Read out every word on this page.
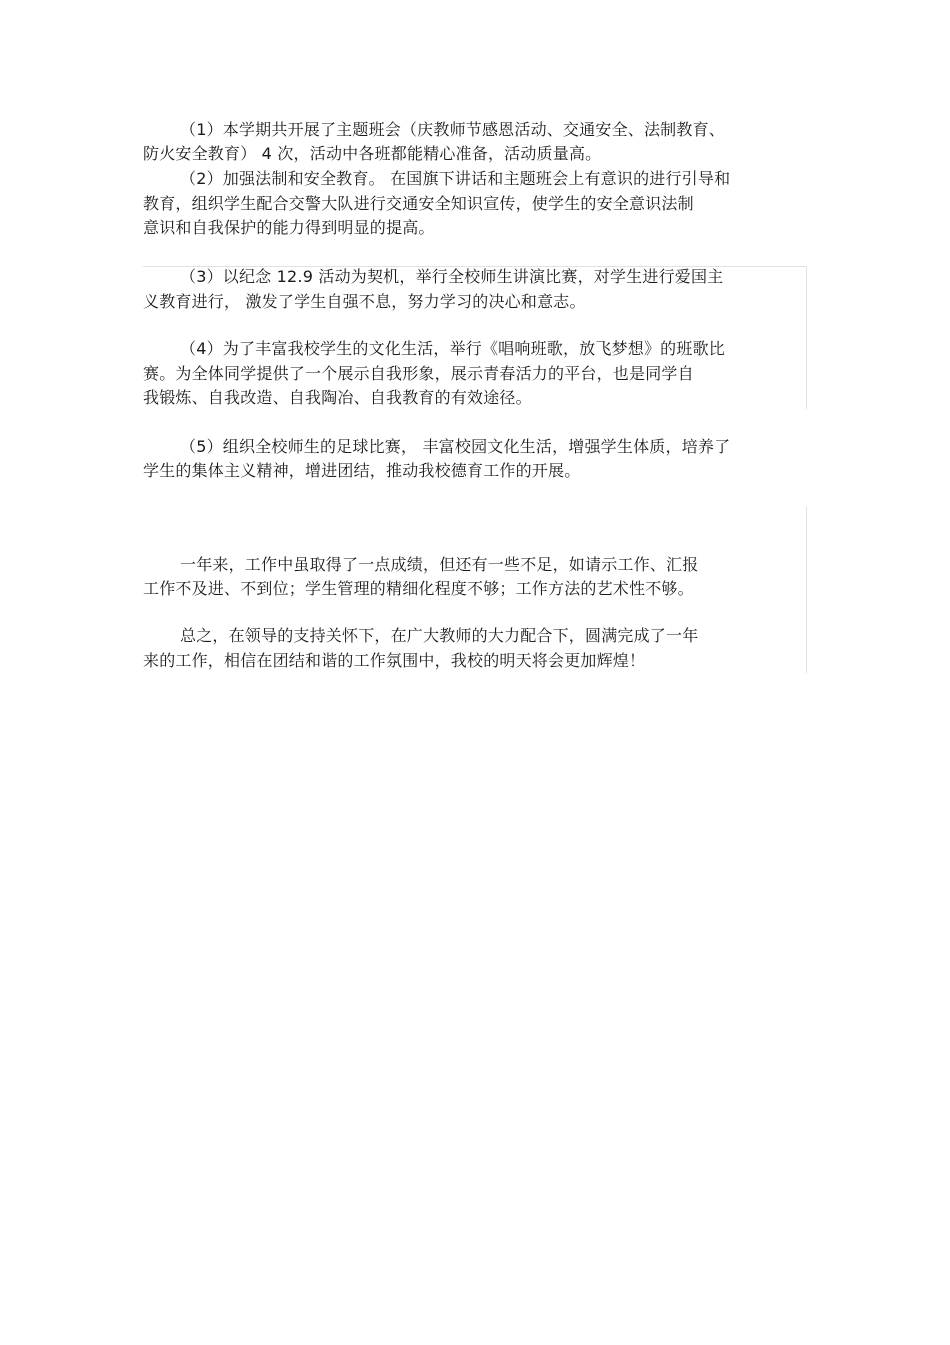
（1）本学期共开展了主题班会（庆教师节感恩活动、交通安全、法制教育、
防火安全教育） 4 次，活动中各班都能精心准备，活动质量高。
（2）加强法制和安全教育。 在国旗下讲话和主题班会上有意识的进行引导和
教育，组织学生配合交警大队进行交通安全知识宣传，使学生的安全意识法制
意识和自我保护的能力得到明显的提高。
（3）以纪念 12.9 活动为契机，举行全校师生讲演比赛，对学生进行爱国主
义教育进行， 激发了学生自强不息，努力学习的决心和意志。
（4）为了丰富我校学生的文化生活，举行《唱响班歌，放飞梦想》的班歌比
赛。为全体同学提供了一个展示自我形象，展示青春活力的平台，也是同学自
我锻炼、自我改造、自我陶冶、自我教育的有效途径。
（5）组织全校师生的足球比赛， 丰富校园文化生活，增强学生体质，培养了
学生的集体主义精神，增进团结，推动我校德育工作的开展。
一年来，工作中虽取得了一点成绩，但还有一些不足，如请示工作、汇报
工作不及进、不到位；学生管理的精细化程度不够；工作方法的艺术性不够。
总之，在领导的支持关怀下，在广大教师的大力配合下，圆满完成了一年
来的工作，相信在团结和谐的工作氛围中，我校的明天将会更加辉煌！
